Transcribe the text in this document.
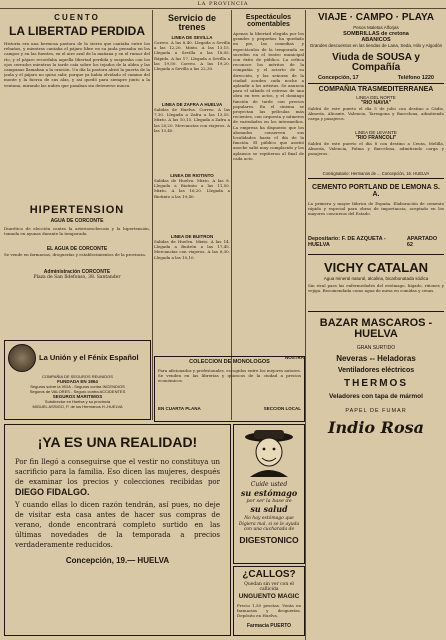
LA PROVINCIA
CUENTO
LA LIBERTAD PERDIDA
Historia era una hermosa pastora de la sierra que cantaba entre los rebaños, y mientras cantaba el pájaro libre en su jaula pensaba en los campos y en las fuentes, en el aire azul de la mañana y en el rumor del río; y el pájaro recordaba aquella libertad perdida y suspiraba con los ojos cerrados mientras la tarde caía sobre los tejados de la aldea y las campanas llamaban a la oración. Un día la pastora abrió la puerta de la jaula y el pájaro no quiso salir, porque ya había olvidado el camino del monte y la fuerza de sus alas, y así quedó para siempre junto a la ventana, mirando las nubes que pasaban sin detenerse nunca.
HIPERTENSION
AGUA DE CORCONTE
Diurético de elección contra la arterioesclerosis y la hipertensión, tomada en ayunas durante la temporada.
EL AGUA DE CORCONTE
Se vende en farmacias, droguerías y establecimientos de la provincia.
Administración CORCONTE
Plaza de San Ildefonso, 38. Santander
Servicio de trenes
LINEA DE SEVILLA
Correo. A las 8,40. Llegada a Sevilla a las 12,20. Mixto. A las 13,15. Llegada a Sevilla a las 18,05. Rápido. A las 17. Llegada a Sevilla a las 19,50. Correo. A las 19,20. Llegada a Sevilla a las 22,30.
LINEA DE ZAFRA A HUELVA
Salidas de Huelva. Correo. A las 7,30. Llegada a Zafra a las 15,55. Mixto. A las 10,15. Llegada a Zafra a las 20,20. Mercancías con viajeros. A las 13,40.
LINEA DE RIOTINTO
Salidas de Huelva. Mixto. A las 8. Llegada a Riotinto a las 11,50. Mixto. A las 16,20. Llegada a Riotinto a las 19,40.
LINEA DE BUITRON
Salidas de Huelva. Mixto. A las 14. Llegada a Buitrón a las 17,45. Mercancías con viajeros. A las 6,30. Llegada a las 10,10.
Espectáculos comentables
Apenas la libertad elegida por los grandes y pequeños ha quedado en pie, las comedias y espectáculos de la temporada se suceden en el teatro municipal con éxito de público. La crítica reconoce los méritos de la compañía y el acierto de su dirección, y las señoras de la ciudad acuden cada noche a aplaudir a los artistas. Se anuncia para el sábado el estreno de una obra en tres actos, y el domingo función de tarde con precios populares. En el cinema se proyectan las películas más recientes, con orquesta y números de variedades en los intermedios. La empresa ha dispuesto que los abonados conserven sus localidades hasta el día de la función. El público que asistió anoche salió muy complacido y los aplausos se repitieron al final de cada acto.
NOSTRA
VIAJE · CAMPO · PLAYA
Pesos Maletas Alforjas
SOMBRILLAS de cretona
ABANICOS
Grandes descuentos en las tiendas de Lana, Seda, Hilo y Algodón
Viuda de SOUSA y Compañía
Concepción, 17	Teléfono 1220
COMPAÑIA TRASMEDITERRANEA
LINEA DEL NORTE
"RIO NAVIA"
Saldrá de este puerto el día 5 de julio con destino a Cádiz, Almería, Alicante, Valencia, Tarragona y Barcelona, admitiendo carga y pasajeros.
LINEA DE LEVANTE
"RIO FRANCOLI"
Saldrá de este puerto el día 8 con destino a Ceuta, Melilla, Almería, Valencia, Palma y Barcelona, admitiendo carga y pasajeros.
Consignatario: Hermanos de ... Concepción, 16. HUELVA
CEMENTO PORTLAND DE LEMONA S. A.
La primera y mayor fábrica de España. Elaboración de cemento rápido y especial para obras de importancia, aceptado en los mayores concursos del Estado.
Depositario: F. DE AZQUETA - HUELVA
APARTADO 62
VICHY CATALAN
Agua mineral natural, alcalina, bicarbonatada sódica
Sin rival para las enfermedades del estómago, hígado, riñones y vejiga. Recomendada como agua de mesa en comidas y cenas.
BAZAR MASCAROS - HUELVA
GRAN SURTIDO
Neveras -- Heladoras
Ventiladores eléctricos
THERMOS
Veladores con tapa de mármol
PAPEL DE FUMAR
Indio Rosa
La Unión y el Fénix Español
COMPAÑIA DE SEGUROS REUNIDOS
FUNDADA EN 1864
Seguros sobre la VIDA - Seguros contra INCENDIOS
Seguros de VALORES - Seguro contra ACCIDENTES
SEGUROS MARITIMOS
Subdirector en Huelva y su provincia
MIGUEL ASSIGO, P. de los Hermanos H.-HUELVA
COLECCION DE MONOLOGOS
Para aficionados y profesionales, escogidos entre los mejores autores. Se venden en las librerías y quioscos de la ciudad a precios económicos.
EN CUARTA PLANA	SECCION LOCAL
¡YA ES UNA REALIDAD!
Por fin llegó a conseguirse que el vestir no constituya un sacrificio para la familia. Eso dicen las mujeres, después de examinar los precios y colecciones recibidas por DIEGO FIDALGO.
Y cuando ellas lo dicen razón tendrán, así pues, no deje de visitar esta casa antes de hacer sus compras de verano, donde encontrará completo surtido en las últimas novedades de la temporada a precios verdaderamente reducidos.
Concepción, 19.— HUELVA
Cuide usted
su estómago
por ser la base de
su salud
No hay estómago que Digiera mal, si se le ayuda con una cucharada de
DIGESTONICO
¿CALLOS?
Quedan sin ver con el callicida
UNGUENTO MAGIC
Precio 1,50 pesetas. Venta en farmacias y droguerías. Depósito en Huelva.
Farmacia PUERTO
